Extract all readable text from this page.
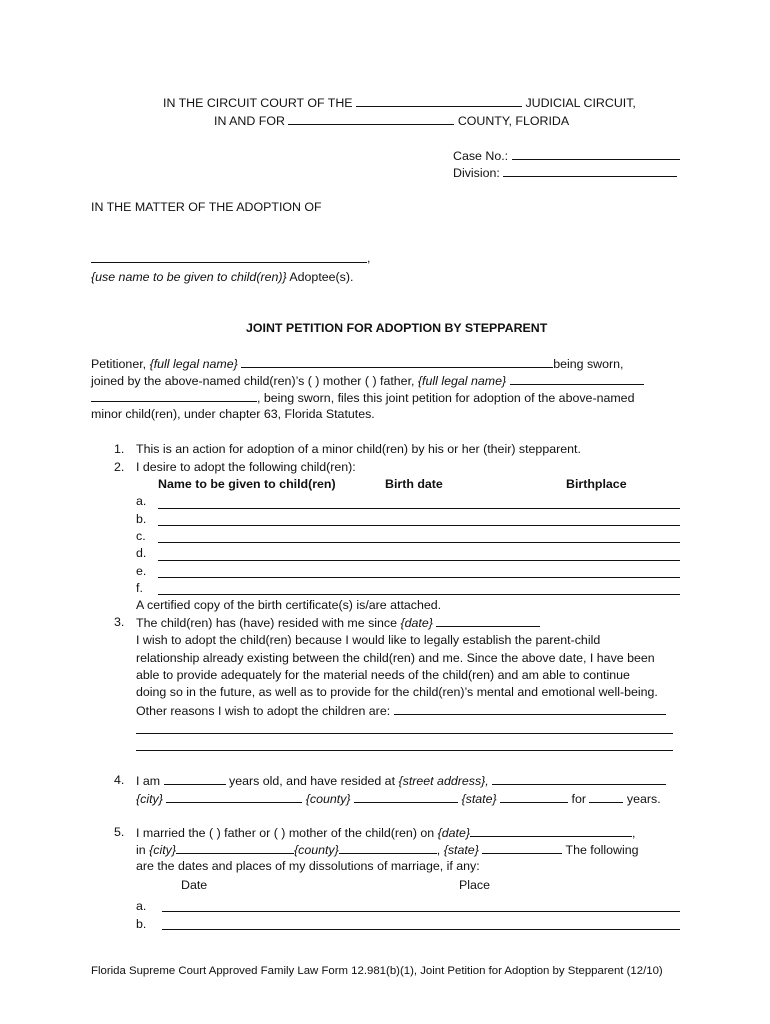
IN THE CIRCUIT COURT OF THE	JUDICIAL CIRCUIT,
IN AND FOR	COUNTY, FLORIDA
Case No.:
Division:
IN THE MATTER OF THE ADOPTION OF
,
{use name to be given to child(ren)} Adoptee(s).
JOINT PETITION FOR ADOPTION BY STEPPARENT
Petitioner, {full legal name}	being sworn,
joined by the above-named child(ren)’s ( ) mother ( ) father, {full legal name}
, being sworn, files this joint petition for adoption of the above-named
minor child(ren), under chapter 63, Florida Statutes.
1. This is an action for adoption of a minor child(ren) by his or her (their) stepparent.
2. I desire to adopt the following child(ren):
Name to be given to child(ren)	Birth date	Birthplace
a.
b.
c.
d.
e.
f.
A certified copy of the birth certificate(s) is/are attached.
3. The child(ren) has (have) resided with me since {date}
I wish to adopt the child(ren) because I would like to legally establish the parent-child
relationship already existing between the child(ren) and me. Since the above date, I have been
able to provide adequately for the material needs of the child(ren) and am able to continue
doing so in the future, as well as to provide for the child(ren)’s mental and emotional well-being.
Other reasons I wish to adopt the children are:
4. I am	years old, and have resided at {street address},
{city}	{county}	{state}	for	years.
5. I married the ( ) father or ( ) mother of the child(ren) on {date}	,
in {city}	{county}	, {state}	The following
are the dates and places of my dissolutions of marriage, if any:
Date	Place
a.
b.
Florida Supreme Court Approved Family Law Form 12.981(b)(1), Joint Petition for Adoption by Stepparent (12/10)
